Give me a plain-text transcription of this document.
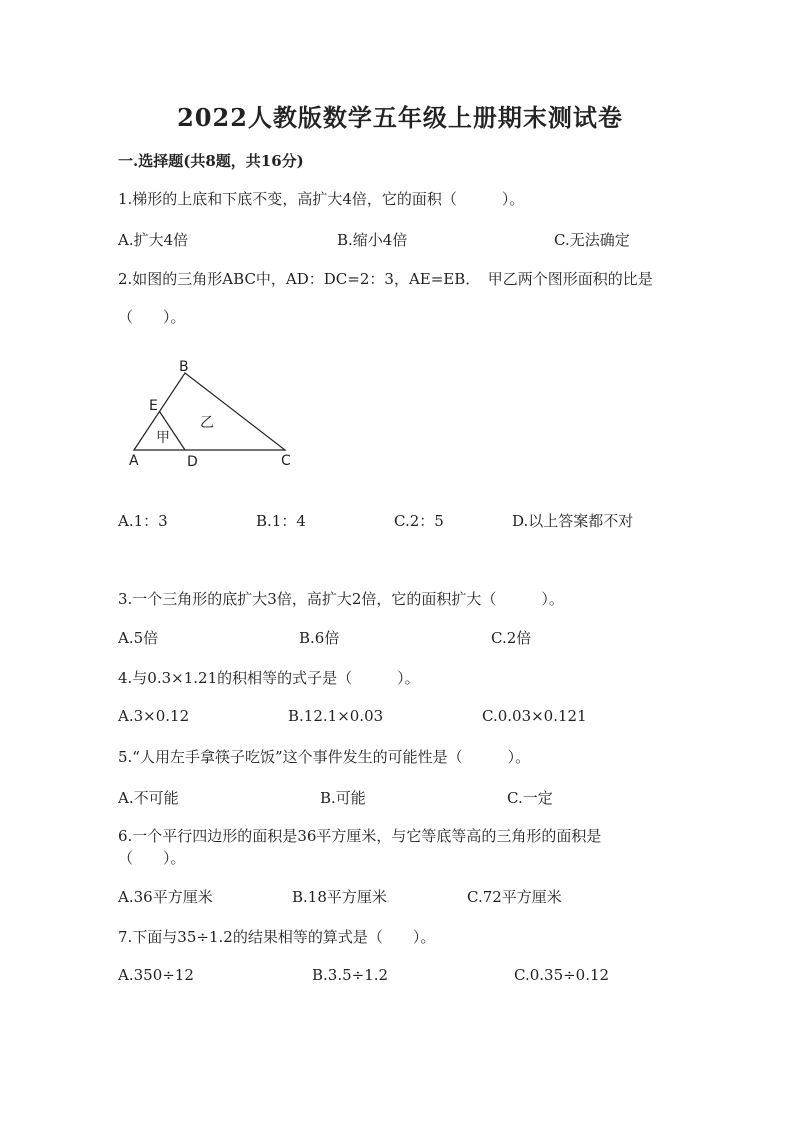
2022人教版数学五年级上册期末测试卷
一.选择题(共8题，共16分)
1.梯形的上底和下底不变，高扩大4倍，它的面积（　　　）。
A.扩大4倍	B.缩小4倍	C.无法确定
2.如图的三角形ABC中，AD：DC=2：3，AE=EB．　甲乙两个图形面积的比是
（　　）。
B
E
A	D	C
甲
乙
A.1：3	B.1：4	C.2：5	D.以上答案都不对
3.一个三角形的底扩大3倍，高扩大2倍，它的面积扩大（　　　）。
A.5倍	B.6倍	C.2倍
4.与0.3×1.21的积相等的式子是（　　　）。
A.3×0.12	B.12.1×0.03	C.0.03×0.121
5.“人用左手拿筷子吃饭”这个事件发生的可能性是（　　　）。
A.不可能	B.可能	C.一定
6.一个平行四边形的面积是36平方厘米，与它等底等高的三角形的面积是
（　　）。
A.36平方厘米	B.18平方厘米	C.72平方厘米
7.下面与35÷1.2的结果相等的算式是（　　）。
A.350÷12	B.3.5÷1.2	C.0.35÷0.12
